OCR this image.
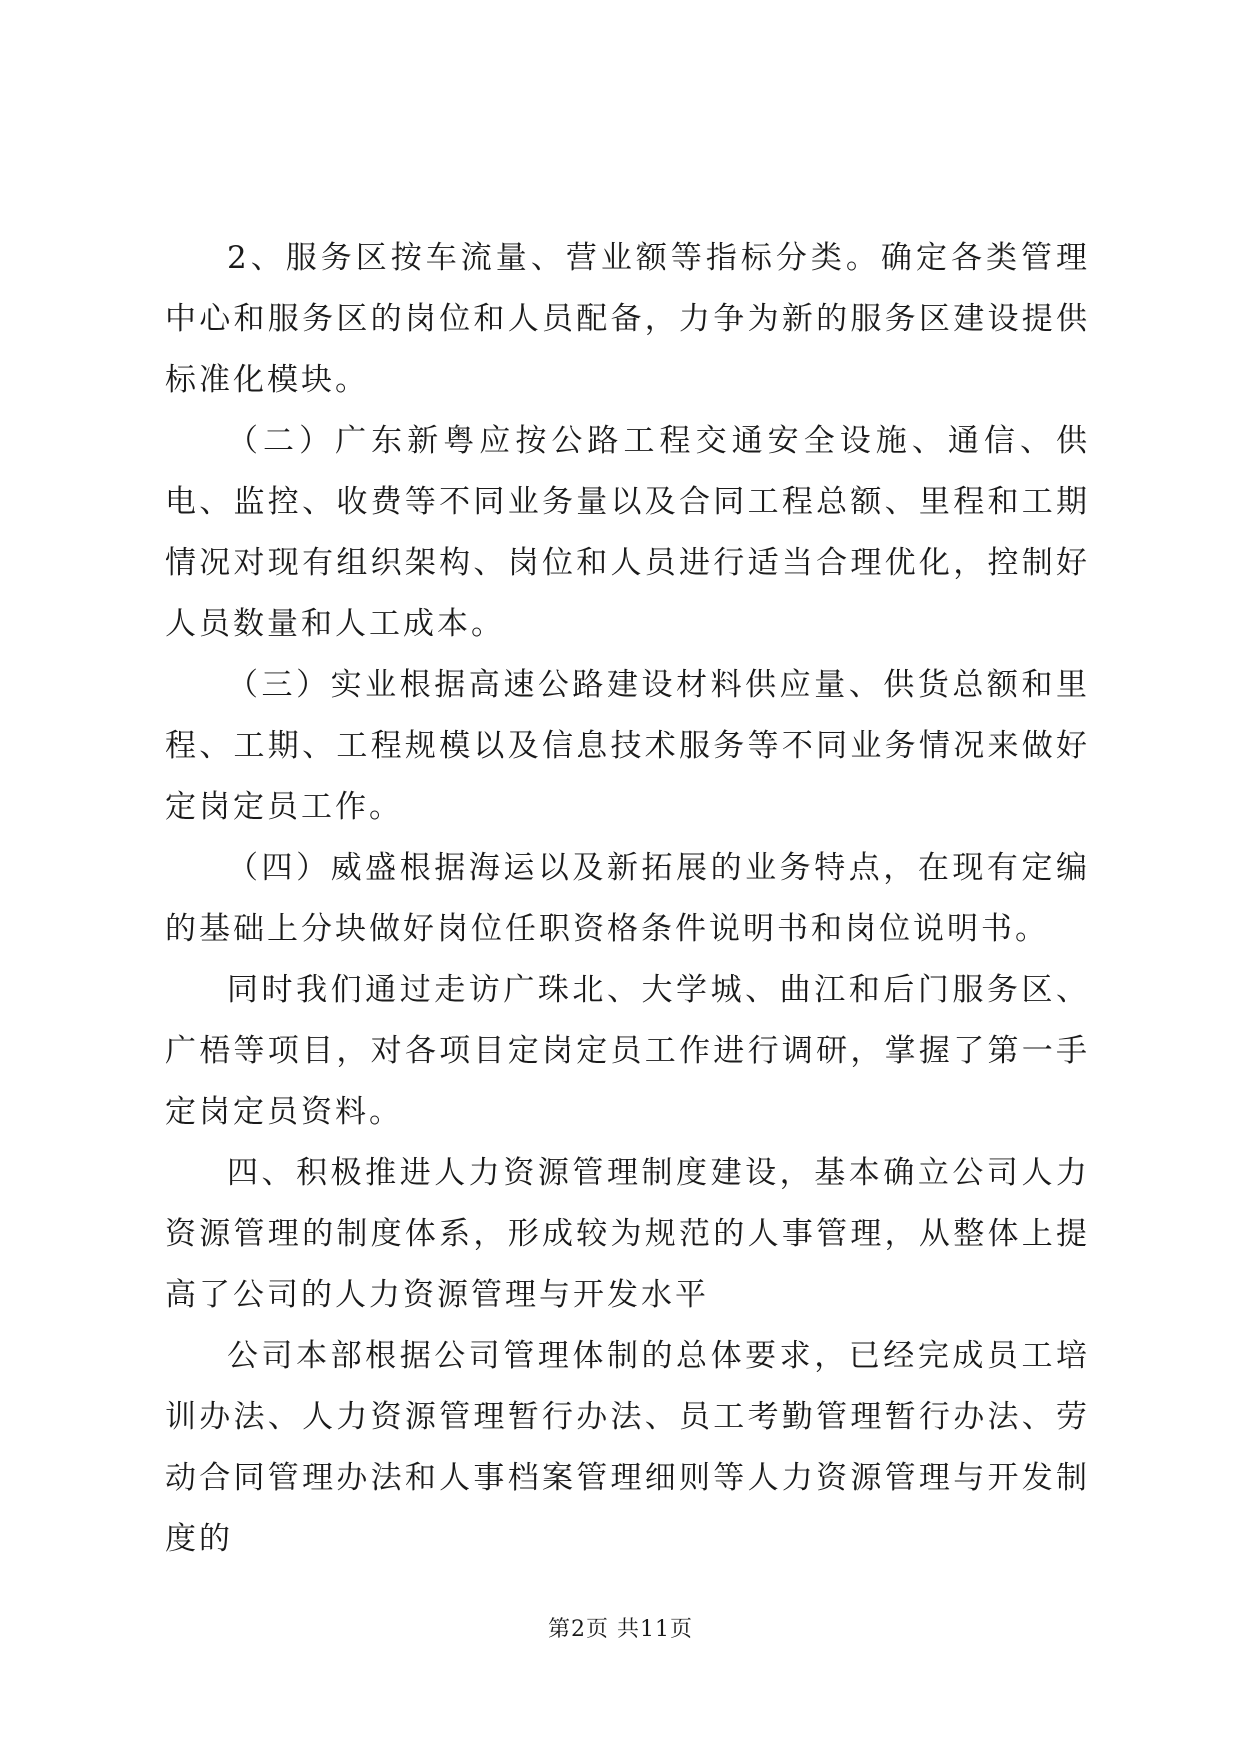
2、服务区按车流量、营业额等指标分类。确定各类管理中心和服务区的岗位和人员配备，力争为新的服务区建设提供标准化模块。

（二）广东新粤应按公路工程交通安全设施、通信、供电、监控、收费等不同业务量以及合同工程总额、里程和工期情况对现有组织架构、岗位和人员进行适当合理优化，控制好人员数量和人工成本。

（三）实业根据高速公路建设材料供应量、供货总额和里程、工期、工程规模以及信息技术服务等不同业务情况来做好定岗定员工作。

（四）威盛根据海运以及新拓展的业务特点，在现有定编的基础上分块做好岗位任职资格条件说明书和岗位说明书。

同时我们通过走访广珠北、大学城、曲江和后门服务区、广梧等项目，对各项目定岗定员工作进行调研，掌握了第一手定岗定员资料。

四、积极推进人力资源管理制度建设，基本确立公司人力资源管理的制度体系，形成较为规范的人事管理，从整体上提高了公司的人力资源管理与开发水平

公司本部根据公司管理体制的总体要求，已经完成员工培训办法、人力资源管理暂行办法、员工考勤管理暂行办法、劳动合同管理办法和人事档案管理细则等人力资源管理与开发制度的

第2页 共11页
